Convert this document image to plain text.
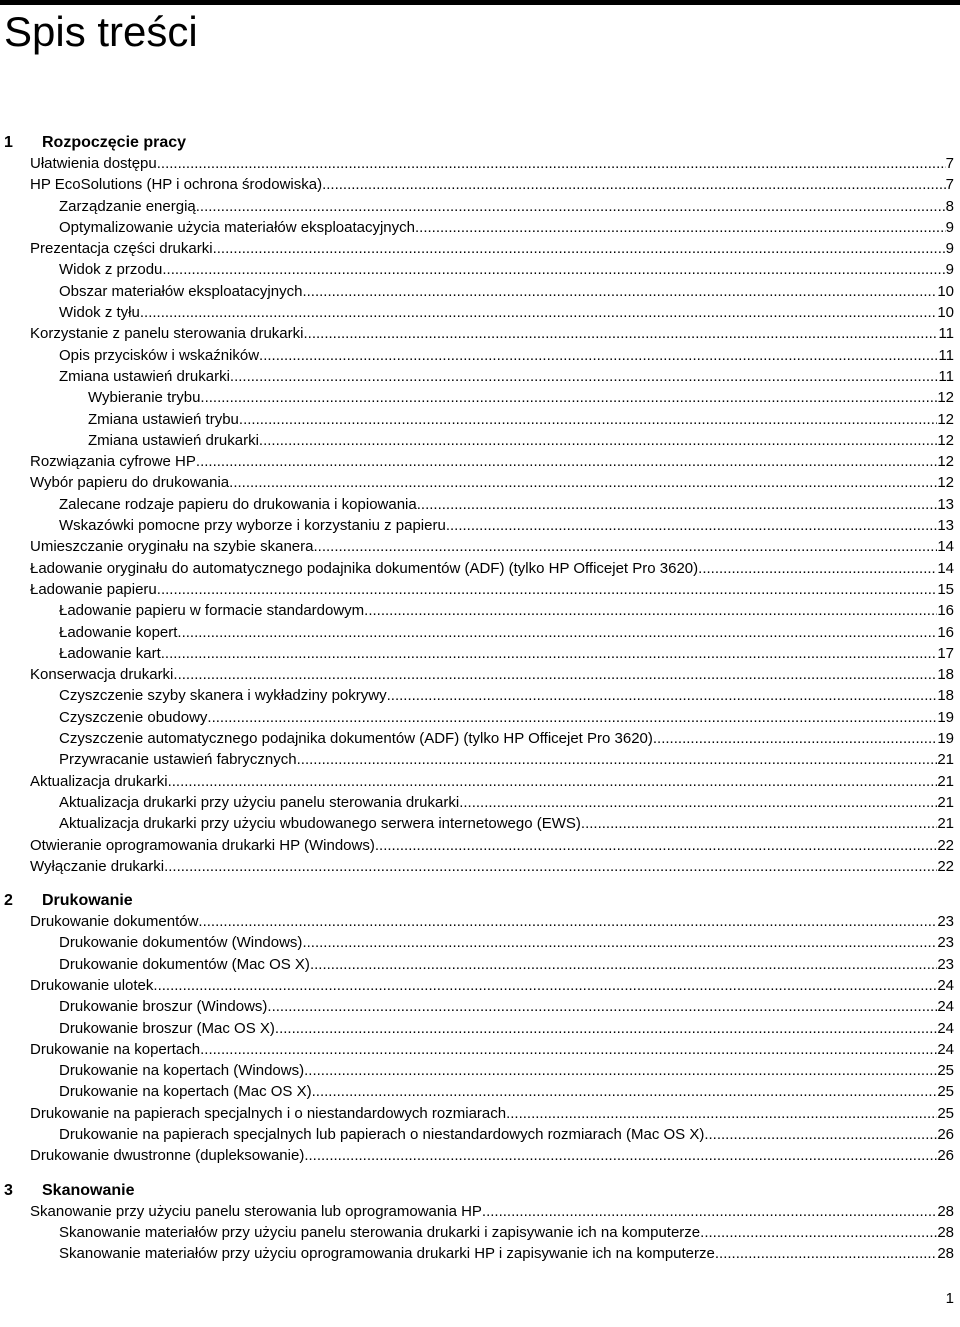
Spis treści
1	Rozpoczęcie pracy
Ułatwienia dostępu .....	7
HP EcoSolutions (HP i ochrona środowiska) .....	7
Zarządzanie energią .....	8
Optymalizowanie użycia materiałów eksploatacyjnych .....	9
Prezentacja części drukarki .....	9
Widok z przodu .....	9
Obszar materiałów eksploatacyjnych .....	10
Widok z tyłu .....	10
Korzystanie z panelu sterowania drukarki .....	11
Opis przycisków i wskaźników .....	11
Zmiana ustawień drukarki .....	11
Wybieranie trybu .....	12
Zmiana ustawień trybu .....	12
Zmiana ustawień drukarki .....	12
Rozwiązania cyfrowe HP .....	12
Wybór papieru do drukowania .....	12
Zalecane rodzaje papieru do drukowania i kopiowania .....	13
Wskazówki pomocne przy wyborze i korzystaniu z papieru .....	13
Umieszczanie oryginału na szybie skanera .....	14
Ładowanie oryginału do automatycznego podajnika dokumentów (ADF) (tylko HP Officejet Pro 3620) .....	14
Ładowanie papieru .....	15
Ładowanie papieru w formacie standardowym .....	16
Ładowanie kopert .....	16
Ładowanie kart .....	17
Konserwacja drukarki .....	18
Czyszczenie szyby skanera i wykładziny pokrywy .....	18
Czyszczenie obudowy .....	19
Czyszczenie automatycznego podajnika dokumentów (ADF) (tylko HP Officejet Pro 3620) .....	19
Przywracanie ustawień fabrycznych .....	21
Aktualizacja drukarki .....	21
Aktualizacja drukarki przy użyciu panelu sterowania drukarki .....	21
Aktualizacja drukarki przy użyciu wbudowanego serwera internetowego (EWS) .....	21
Otwieranie oprogramowania drukarki HP (Windows) .....	22
Wyłączanie drukarki .....	22
2	Drukowanie
Drukowanie dokumentów .....	23
Drukowanie dokumentów (Windows) .....	23
Drukowanie dokumentów (Mac OS X) .....	23
Drukowanie ulotek .....	24
Drukowanie broszur (Windows) .....	24
Drukowanie broszur (Mac OS X) .....	24
Drukowanie na kopertach .....	24
Drukowanie na kopertach (Windows) .....	25
Drukowanie na kopertach (Mac OS X) .....	25
Drukowanie na papierach specjalnych i o niestandardowych rozmiarach .....	25
Drukowanie na papierach specjalnych lub papierach o niestandardowych rozmiarach (Mac OS X) .....	26
Drukowanie dwustronne (dupleksowanie) .....	26
3	Skanowanie
Skanowanie przy użyciu panelu sterowania lub oprogramowania HP .....	28
Skanowanie materiałów przy użyciu panelu sterowania drukarki i zapisywanie ich na komputerze .....	28
Skanowanie materiałów przy użyciu oprogramowania drukarki HP i zapisywanie ich na komputerze .....	28
1
